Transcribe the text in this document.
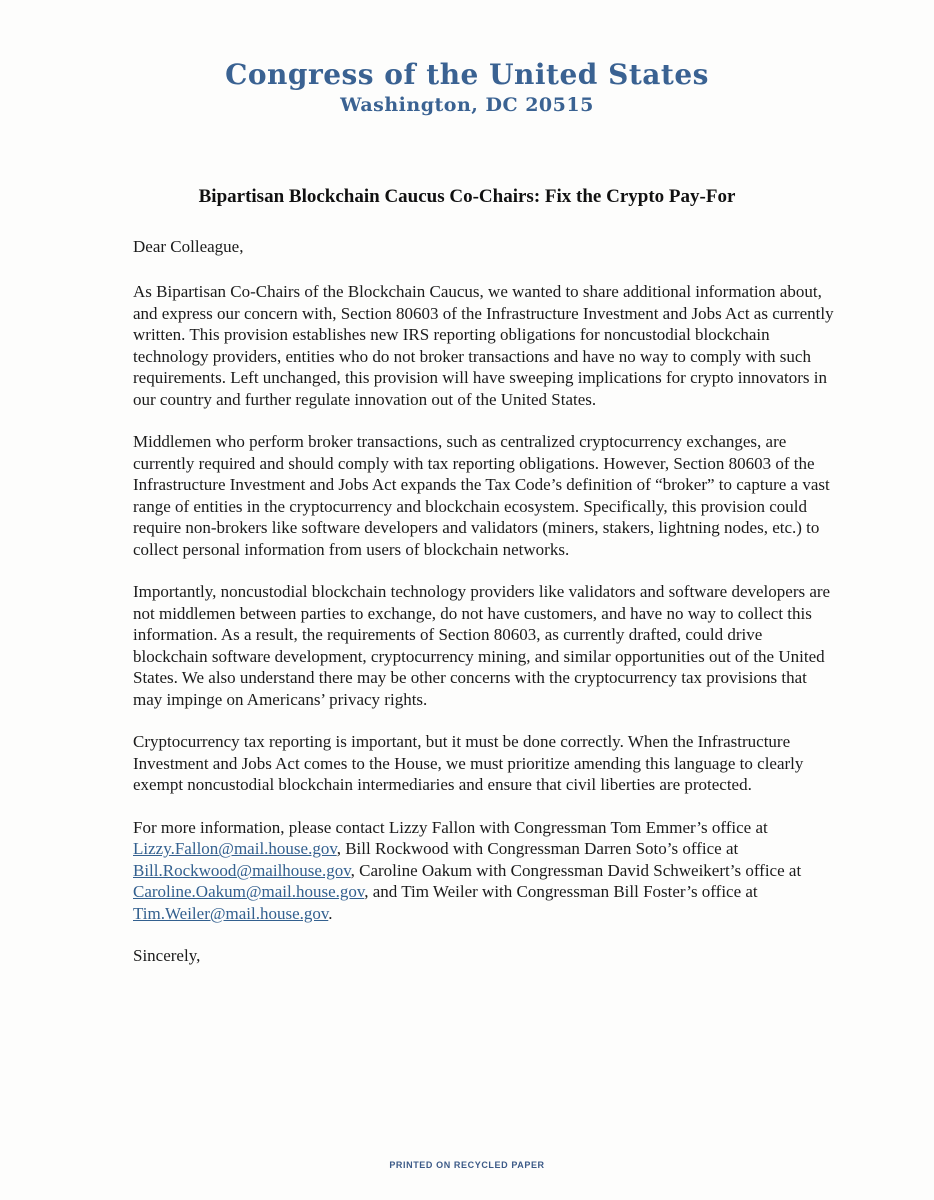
Congress of the United States
Washington, DC 20515
Bipartisan Blockchain Caucus Co-Chairs: Fix the Crypto Pay-For

Dear Colleague,

As Bipartisan Co-Chairs of the Blockchain Caucus, we wanted to share additional information about, and express our concern with, Section 80603 of the Infrastructure Investment and Jobs Act as currently written. This provision establishes new IRS reporting obligations for noncustodial blockchain technology providers, entities who do not broker transactions and have no way to comply with such requirements. Left unchanged, this provision will have sweeping implications for crypto innovators in our country and further regulate innovation out of the United States.

Middlemen who perform broker transactions, such as centralized cryptocurrency exchanges, are currently required and should comply with tax reporting obligations. However, Section 80603 of the Infrastructure Investment and Jobs Act expands the Tax Code’s definition of “broker” to capture a vast range of entities in the cryptocurrency and blockchain ecosystem. Specifically, this provision could require non-brokers like software developers and validators (miners, stakers, lightning nodes, etc.) to collect personal information from users of blockchain networks.

Importantly, noncustodial blockchain technology providers like validators and software developers are not middlemen between parties to exchange, do not have customers, and have no way to collect this information. As a result, the requirements of Section 80603, as currently drafted, could drive blockchain software development, cryptocurrency mining, and similar opportunities out of the United States. We also understand there may be other concerns with the cryptocurrency tax provisions that may impinge on Americans’ privacy rights.

Cryptocurrency tax reporting is important, but it must be done correctly. When the Infrastructure Investment and Jobs Act comes to the House, we must prioritize amending this language to clearly exempt noncustodial blockchain intermediaries and ensure that civil liberties are protected.

For more information, please contact Lizzy Fallon with Congressman Tom Emmer’s office at Lizzy.Fallon@mail.house.gov, Bill Rockwood with Congressman Darren Soto’s office at Bill.Rockwood@mailhouse.gov, Caroline Oakum with Congressman David Schweikert’s office at Caroline.Oakum@mail.house.gov, and Tim Weiler with Congressman Bill Foster’s office at Tim.Weiler@mail.house.gov.

Sincerely,

PRINTED ON RECYCLED PAPER
